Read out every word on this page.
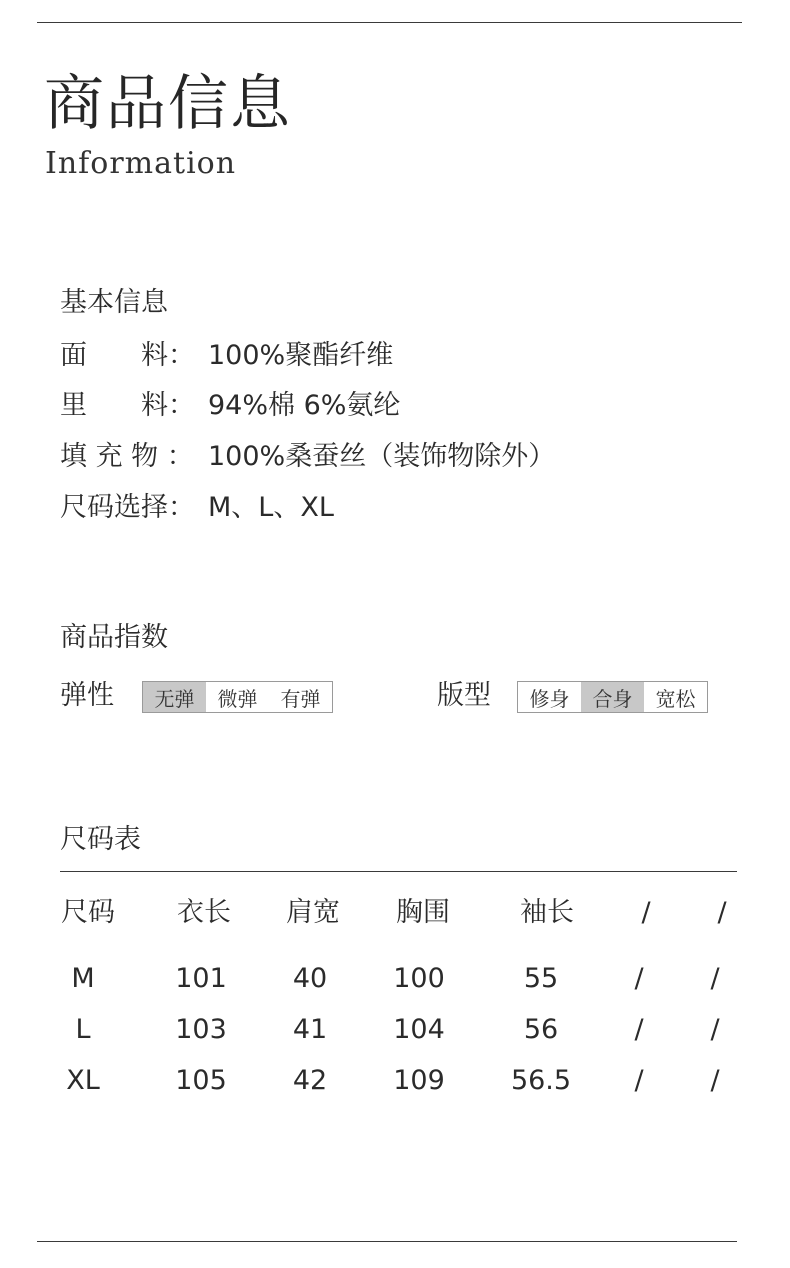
商品信息
Information
基本信息
面　　料： 100%聚酯纤维
里　　料： 94%棉 6%氨纶
填 充 物 ： 100%桑蚕丝（装饰物除外）
尺码选择： M、L、XL
商品指数
弹性	无弹	微弹	有弹	版型	修身	合身	宽松
尺码表
尺码 衣长 肩宽 胸围	袖长 / /
M	101 40 100	55	/ /
L	103 41 104	56	/ /
XL	105 42 109 56.5 / /
